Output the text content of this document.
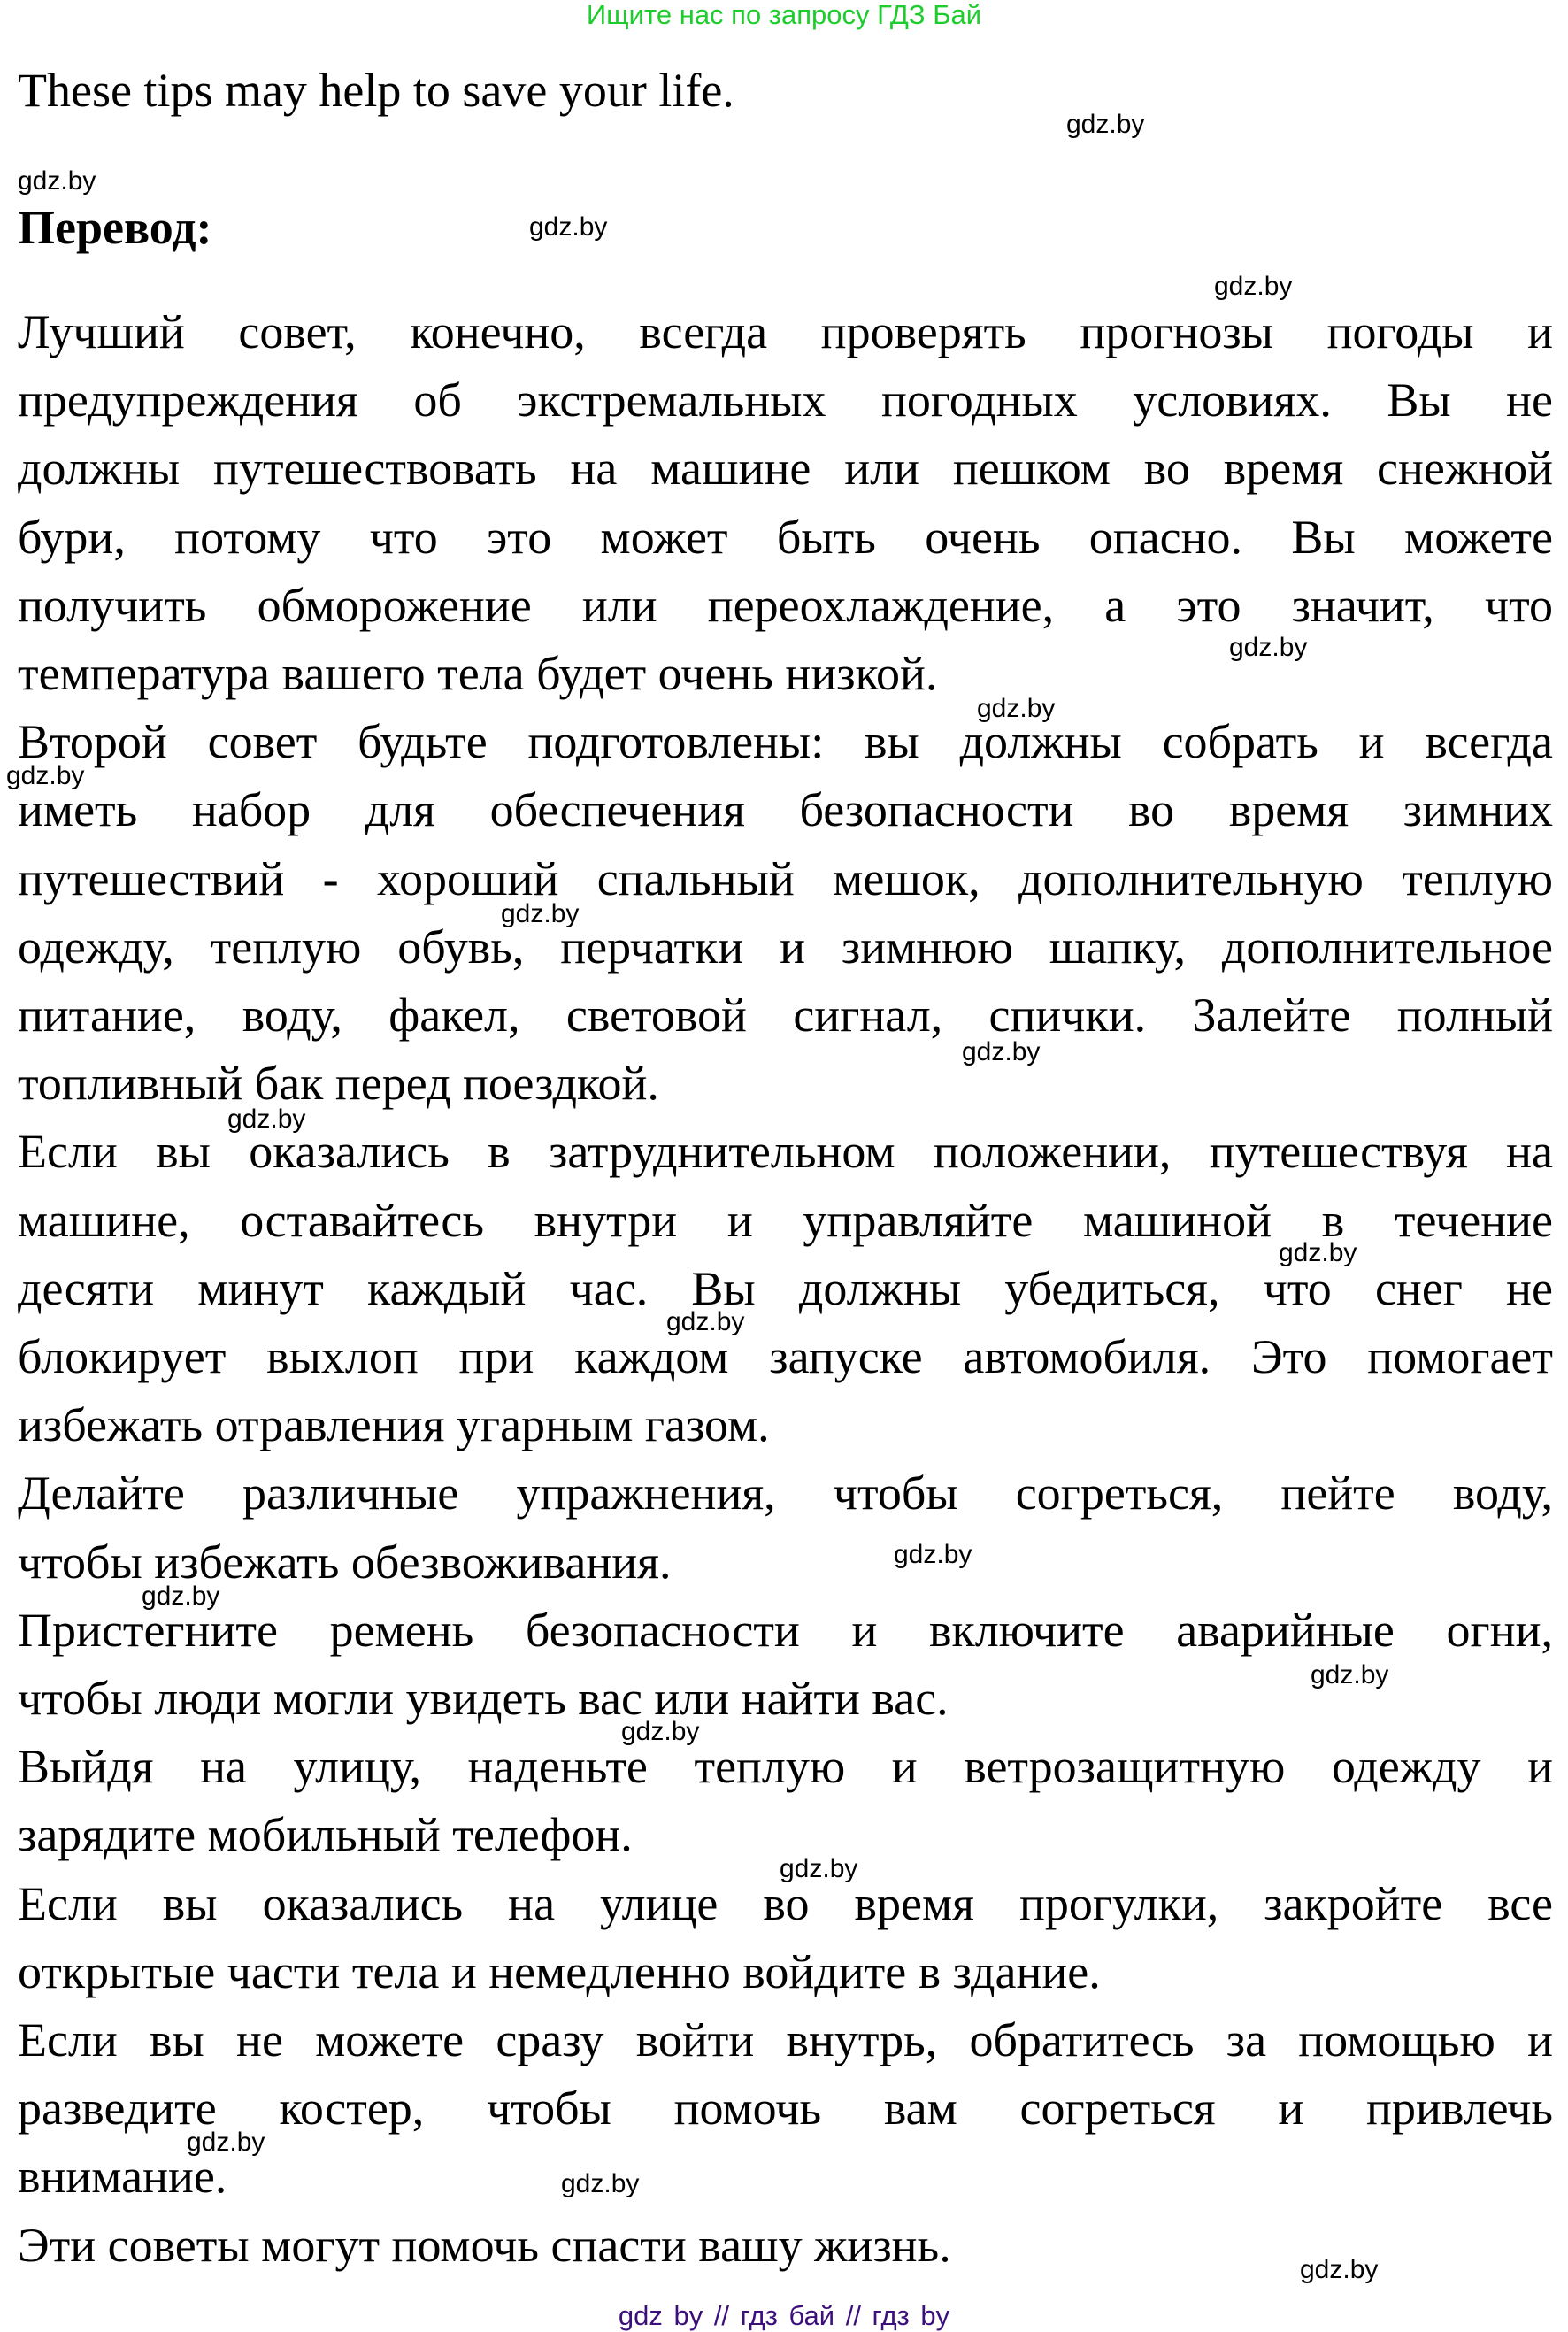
Ищите нас по запросу ГДЗ Бай
These tips may help to save your life.
Перевод:
Лучший совет, конечно, всегда проверять прогнозы погоды и
предупреждения об экстремальных погодных условиях. Вы не
должны путешествовать на машине или пешком во время снежной
бури, потому что это может быть очень опасно. Вы можете
получить обморожение или переохлаждение, а это значит, что
температура вашего тела будет очень низкой.
Второй совет будьте подготовлены: вы должны собрать и всегда
иметь набор для обеспечения безопасности во время зимних
путешествий - хороший спальный мешок, дополнительную теплую
одежду, теплую обувь, перчатки и зимнюю шапку, дополнительное
питание, воду, факел, световой сигнал, спички. Залейте полный
топливный бак перед поездкой.
Если вы оказались в затруднительном положении, путешествуя на
машине, оставайтесь внутри и управляйте машиной в течение
десяти минут каждый час. Вы должны убедиться, что снег не
блокирует выхлоп при каждом запуске автомобиля. Это помогает
избежать отравления угарным газом.
Делайте различные упражнения, чтобы согреться, пейте воду,
чтобы избежать обезвоживания.
Пристегните ремень безопасности и включите аварийные огни,
чтобы люди могли увидеть вас или найти вас.
Выйдя на улицу, наденьте теплую и ветрозащитную одежду и
зарядите мобильный телефон.
Если вы оказались на улице во время прогулки, закройте все
открытые части тела и немедленно войдите в здание.
Если вы не можете сразу войти внутрь, обратитесь за помощью и
разведите костер, чтобы помочь вам согреться и привлечь
внимание.
Эти советы могут помочь спасти вашу жизнь.
gdz.by
gdz.by
gdz.by
gdz.by
gdz.by
gdz.by
gdz.by
gdz.by
gdz.by
gdz.by
gdz.by
gdz.by
gdz.by
gdz.by
gdz.by
gdz.by
gdz.by
gdz.by
gdz.by
gdz.by
gdz by // гдз бай // гдз by
